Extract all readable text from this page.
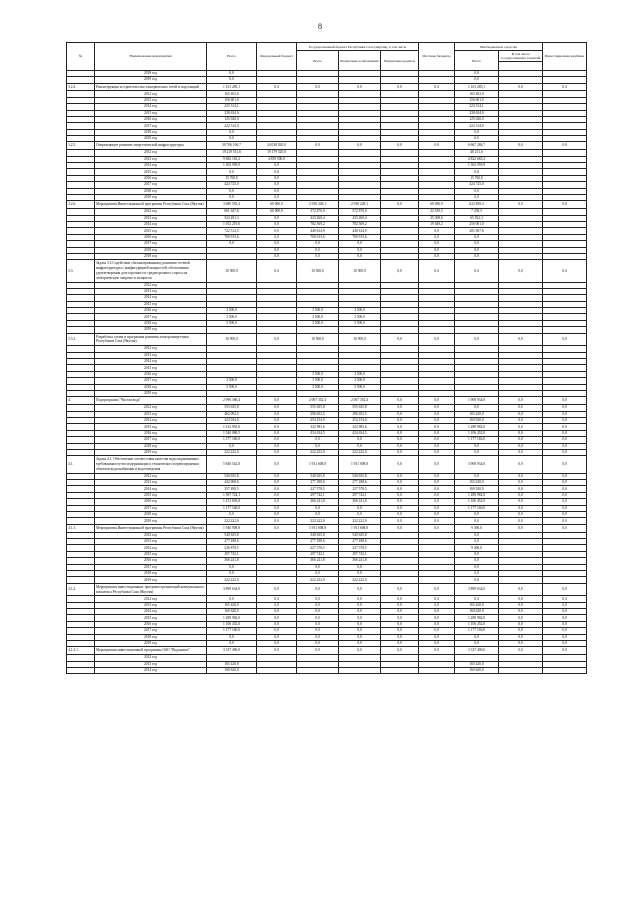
8
№	Наименование мероприятия	Всего	Федеральный бюджет	Государственный бюджет Республики Саха (Якутия), в том числе			Местные бюджеты	Внебюджетные средства		Инвестиционная надбавка
				Всего	Бюджетные ассигнования	Бюджетные кредиты		Всего	В том числе государственных гарантий	

	2018 год	0,0						0,0		
	2019 год	0,0						0,0		
3.2.4.	Реконструкция и строительство электрических сетей и подстанций	1 161 285,1	0,0	0,0	0,0	0,0	0,0	1 161 285,1	0,0	0,0
	2012 год	165 402,0						165 402,0		
	2013 год	156 601,0						156 601,0		
	2014 год	223 314,1						223 314,1		
	2015 год	238 634,0						238 634,0		
	2016 год	125 020,0						125 020,0		
	2017 год	222 314,0						222 314,0		
	2018 год	0,0						0,0		
	2019 год	0,0						0,0		
3.2.5.	Опережающее развитие энергетической инфраструктуры	30 706 106,7	24 038 820,0	0,0	0,0	0,0	0,0	6 667 286,7	0,0	0,0
	2012 год	19 219 531,6	19 179 320,0					40 211,6		
	2013 год	9 682 165,2	4 859 500,0					4 822 665,2		
	2014 год	1 363 959,9	0,0					1 363 959,9		
	2015 год	0,0	0,0					0,0		
	2016 год	15 760,0	0,0					15 760,0		
	2017 год	424 725,0	0,0					424 725,0		
	2018 год	0,0	0,0					0,0		
	2019 год	0,0	0,0					0,0		
3.2.6.	Мероприятия Инвестиционной программы Республики Саха (Якутия)	3 680 583,4	60 000,0	2 930 228,1	2 930 228,1	0,0	68 496,9	622 858,4	0,0	0,0
	2012 год	661 647,8	60 000,0	572 870,0	572 870,0		22 539,5	7 238,3		
	2013 год	524 491,3	0,0	433 260,4	433 260,4		25 308,6	65 922,3		
	2014 год	1 052 219,0	0,0	782 569,2	782 569,2		19 649,2	250 001,0		
	2015 год	722 312,5	0,0	440 614,9	440 614,9		0,0	281 697,6		
	2016 год	700 913,6	0,0	700 913,6	700 913,6		0,0	0,0		
	2017 год	0,0	0,0	0,0	0,0		0,0	0,0		
	2018 год		0,0	0,0	0,0		0,0	0,0		
	2019 год		0,0	0,0	0,0		0,0	0,0		
3.3.	Задача 3.3.Содействие сбалансированному развитию сетевой инфраструктуры с конфигурацией мощностей, обеспечению удовлетворения долгосрочного и среднесрочного спроса на электрическую энергию и мощность	10 500,0	0,0	10 500,0	10 500,0	0,0	0,0	0,0	0,0	0,0
	2012 год									
	2013 год									
	2014 год									
	2015 год									
	2016 год	3 500,0		3 500,0	3 500,0					
	2017 год	3 500,0		3 500,0	3 500,0					
	2018 год	3 500,0		3 500,0	3 500,0					
	2019 год									
3.3.1.	Разработка схемы и программы развития электроэнергетики Республики Саха (Якутия)	10 500,0	0,0	10 500,0	10 500,0	0,0	0,0	0,0	0,0	0,0
	2012 год									
	2013 год									
	2014 год									
	2015 год									
	2016 год			3 500,0	3 500,0					
	2017 год	3 500,0		3 500,0	3 500,0					
	2018 год	3 500,0		3 500,0	3 500,0					
	2019 год									
4.	Подпрограмма "Чистая вода"	2 996 366,4	0,0	2 067 352,4	2 067 352,4	0,0	0,0	1 908 934,0	0,0	0,0
	2012 год	555 635,8	0,0	555 635,8	555 635,8	0,0	0,0	0,0	0,0	0,0
	2013 год	462 092,5	0,0	296 652,5	296 652,5	0,0	0,0	165 420,0	0,0	0,0
	2014 год	424 034,0	0,0	254 154,0	254 154,0	0,0	0,0	169 920,0	0,0	0,0
	2015 год	1 612 955,6	0,0	322 983,6	322 983,6	0,0	0,0	1 289 982,0	0,0	0,0
	2016 год	1 540 086,5	0,0	434 634,5	434 634,5	0,0	0,0	1 106 452,0	0,0	0,0
	2017 год	1 177 160,0	0,0	0,0	0,0	0,0	0,0	1 177 160,0	0,0	0,0
	2018 год	0,0	0,0	0,0	0,0	0,0	0,0	0,0	0,0	0,0
	2019 год	222 222,0	0,0	222 222,0	222 222,0	0,0	0,0	0,0	0,0	0,0
4.1.	Задача 4.1. Обеспечение соответствия качества воды нормативным требованиям путем модернизации и технического перевооружения объектов водоснабжения и водоотведения	5 840 542,8	0,0	1 931 608,8	1 931 608,8	0,0	0,0	3 908 934,0	0,0	0,0
	2012 год	540 635,8	0,0	540 635,8	540 635,8	0,0	0,0	0,0	0,0	0,0
	2013 год	442 608,6	0,0	277 188,6	277 188,6	0,0	0,0	165 420,0	0,0	0,0
	2014 год	357 498,5	0,0	227 578,5	227 578,5	0,0	0,0	169 920,0	0,0	0,0
	2015 год	1 587 724,1	0,0	297 742,1	297 742,1	0,0	0,0	1 289 982,0	0,0	0,0
	2016 год	1 472 693,8	0,0	366 241,8	366 241,8	0,0	0,0	1 106 452,0	0,0	0,0
	2017 год	1 177 160,0	0,0	0,0	0,0	0,0	0,0	1 177 160,0	0,0	0,0
	2018 год	0,0	0,0	0,0	0,0	0,0	0,0	0,0	0,0	0,0
	2019 год	222 222,0	0,0	222 222,0	222 222,0	0,0	0,0	0,0	0,0	0,0
4.1.1.	Мероприятия Инвестиционной программы Республики Саха (Якутия)	1 940 908,8	0,0	1 931 608,8	1 931 608,8	0,0	0,0	9 300,0	0,0	0,0
	2012 год	540 635,8		540 635,8	540 635,8			0,0		
	2013 год	277 188,6		277 188,6	277 188,6			0,0		
	2014 год	236 878,5		227 578,5	227 578,5			9 300,0		
	2015 год	297 742,1		297 742,1	297 742,1			0,0		
	2016 год	366 241,8		366 241,8	366 241,8			0,0		
	2017 год	0,0		0,0	0,0			0,0		
	2018 год	0,0		0,0	0,0			0,0		
	2019 год	222 222,0		222 222,0	222 222,0			0,0		
4.1.2.	Мероприятия инвестиционных программ организаций коммунального комплекса Республики Саха (Якутия)	3 899 634,0	0,0	0,0	0,0	0,0	0,0	3 899 634,0	0,0	0,0
	2012 год	0,0	0,0	0,0	0,0	0,0	0,0	0,0	0,0	0,0
	2013 год	165 420,0	0,0	0,0	0,0	0,0	0,0	165 420,0	0,0	0,0
	2014 год	160 620,0	0,0	0,0	0,0	0,0	0,0	160 620,0	0,0	0,0
	2015 год	1 289 982,0	0,0	0,0	0,0	0,0	0,0	1 289 982,0	0,0	0,0
	2016 год	1 106 452,0	0,0	0,0	0,0	0,0	0,0	1 106 452,0	0,0	0,0
	2017 год	1 177 160,0	0,0	0,0	0,0	0,0	0,0	1 177 160,0	0,0	0,0
	2018 год	0,0	0,0	0,0	0,0	0,0	0,0	0,0	0,0	0,0
	2019 год	0,0	0,0	0,0	0,0	0,0	0,0	0,0	0,0	0,0
4.1.2.1.	Мероприятия инвестиционной программы ОАО "Водоканал"	3 337 490,0	0,0	0,0	0,0	0,0	0,0	3 337 490,0	0,0	0,0
	2012 год									
	2013 год	165 420,0						165 420,0		
	2014 год	160 620,0						160 620,0		
